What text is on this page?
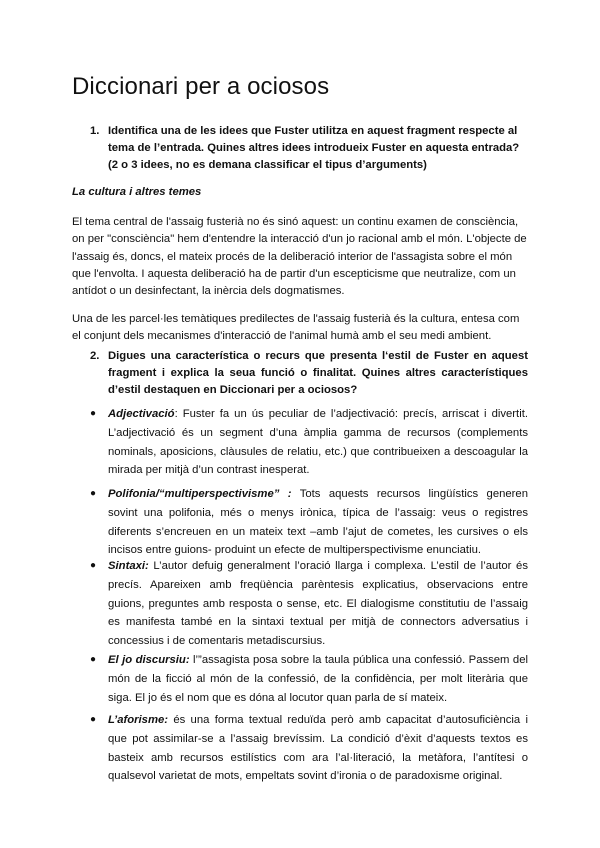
Diccionari per a ociosos

1. Identifica una de les idees que Fuster utilitza en aquest fragment respecte al tema de l’entrada. Quines altres idees introdueix Fuster en aquesta entrada? (2 o 3 idees, no es demana classificar el tipus d’arguments)

La cultura i altres temes

El tema central de l'assaig fusterià no és sinó aquest: un continu examen de consciència, on per "consciència" hem d'entendre la interacció d'un jo racional amb el món. L'objecte de l'assaig és, doncs, el mateix procés de la deliberació interior de l'assagista sobre el món que l'envolta. I aquesta deliberació ha de partir d'un escepticisme que neutralize, com un antídot o un desinfectant, la inèrcia dels dogmatismes.

Una de les parcel·les temàtiques predilectes de l'assaig fusterià és la cultura, entesa com el conjunt dels mecanismes d'interacció de l'animal humà amb el seu medi ambient.

2. Digues una característica o recurs que presenta l‘estil de Fuster en aquest fragment i explica la seua funció o finalitat. Quines altres característiques d’estil destaquen en Diccionari per a ociosos?

● Adjectivació: Fuster fa un ús peculiar de l’adjectivació: precís, arriscat i divertit. L’adjectivació és un segment d’una àmplia gamma de recursos (complements nominals, aposicions, clàusules de relatiu, etc.) que contribueixen a descoagular la mirada per mitjà d’un contrast inesperat.

● Polifonia/“multiperspectivisme” : Tots aquests recursos lingüístics generen sovint una polifonia, més o menys irònica, típica de l’assaig: veus o registres diferents s’encreuen en un mateix text –amb l’ajut de cometes, les cursives o els incisos entre guions- produint un efecte de multiperspectivisme enunciatiu.

● Sintaxi: L’autor defuig generalment l’oració llarga i complexa. L’estil de l’autor és precís. Apareixen amb freqüència parèntesis explicatius, observacions entre guions, preguntes amb resposta o sense, etc. El dialogisme constitutiu de l’assaig es manifesta també en la sintaxi textual per mitjà de connectors adversatius i concessius i de comentaris metadiscursius.

● El jo discursiu: l’”assagista posa sobre la taula pública una confessió. Passem del món de la ficció al món de la confessió, de la confidència, per molt literària que siga. El jo és el nom que es dóna al locutor quan parla de sí mateix.

● L’aforisme: és una forma textual reduïda però amb capacitat d’autosuficiència i que pot assimilar-se a l’assaig brevíssim. La condició d’èxit d’aquests textos es basteix amb recursos estilístics com ara l’al·literació, la metàfora, l’antítesi o qualsevol varietat de mots, empeltats sovint d’ironia o de paradoxisme original.
